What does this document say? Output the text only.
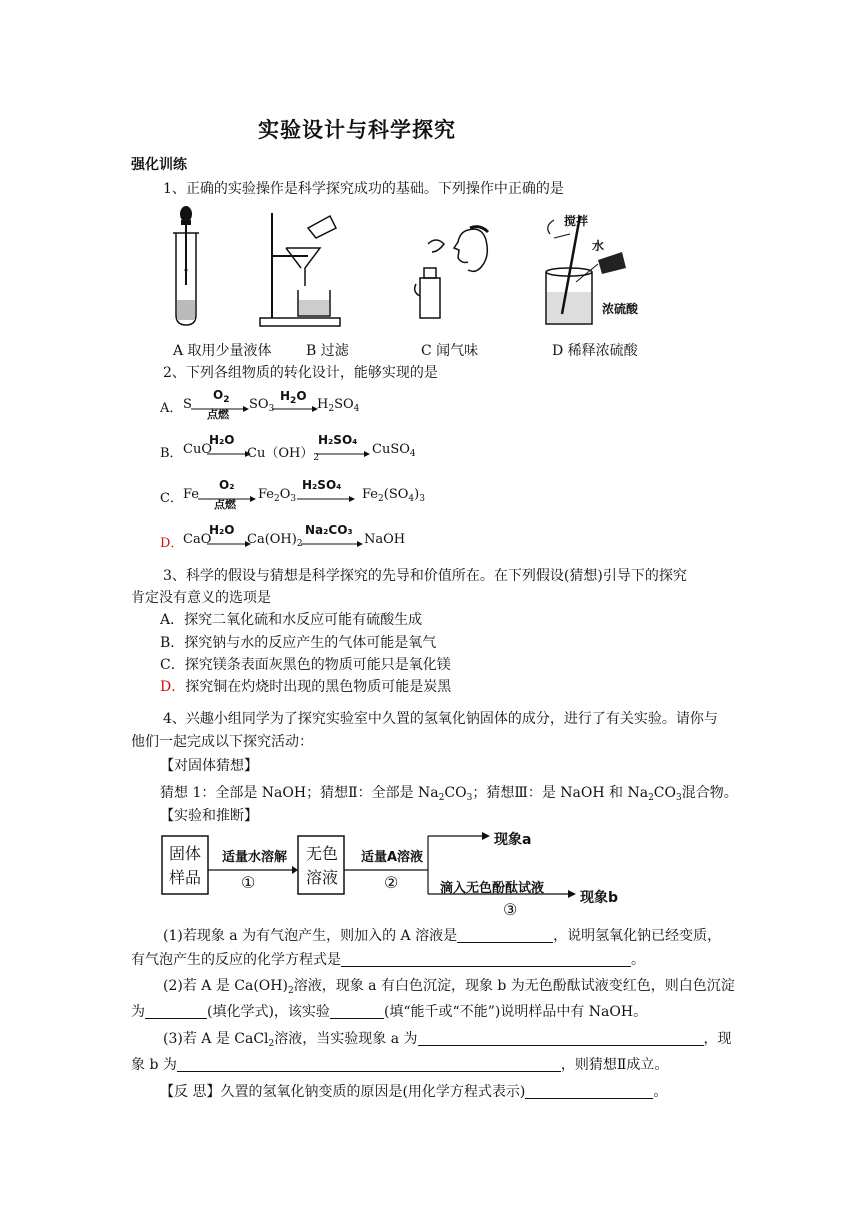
实验设计与科学探究
强化训练
1、正确的实验操作是科学探究成功的基础。下列操作中正确的是
搅拌
水
浓硫酸
A 取用少量液体 B 过滤	C 闻气味	D 稀释浓硫酸
2、下列各组物质的转化设计，能够实现的是
A． S
$O_2$
点燃
$SO_3$
$H_2O$
$H_2SO_4$
B． CuO
H₂O
$Cu(OH)_2$
H₂SO₄
CuSO$_4$
C． Fe
O₂
点燃
$Fe_2O_3$
H₂SO₄
$Fe_2(SO_4)_3$
D． CaO
H₂O
$Ca(OH)_2$
Na₂CO₃
NaOH
3、科学的假设与猜想是科学探究的先导和价值所在。在下列假设(猜想)引导下的探究
肯定没有意义的选项是
A．探究二氧化硫和水反应可能有硫酸生成
B．探究钠与水的反应产生的气体可能是氧气
C．探究镁条表面灰黑色的物质可能只是氧化镁
D．探究铜在灼烧时出现的黑色物质可能是炭黑
4、兴趣小组同学为了探究实验室中久置的氢氧化钠固体的成分，进行了有关实验。请你与
他们一起完成以下探究活动：
【对固体猜想】
猜想 1：全部是 NaOH；猜想Ⅱ：全部是 $Na_2CO_3$；猜想Ⅲ：是 NaOH 和 $Na_2CO_3$混合物。
【实验和推断】
固体
样品
适量水溶解
①
无色
溶液
适量A溶液
②
现象a
滴入无色酚酞试液
③
现象b
(1)若现象 a 为有气泡产生，则加入的 A 溶液是	，说明氢氧化钠已经变质，
有气泡产生的反应的化学方程式是	。
(2)若 A 是 $Ca(OH)_2$溶液，现象 a 有白色沉淀，现象 b 为无色酚酞试液变红色，则白色沉淀
为	(填化学式)，该实验	(填“能千或“不能”)说明样品中有 NaOH。
(3)若 A 是 CaCl$_2$溶液，当实验现象 a 为	，现
象 b 为	，则猜想Ⅱ成立。
【反 思】久置的氢氧化钠变质的原因是(用化学方程式表示)	。
